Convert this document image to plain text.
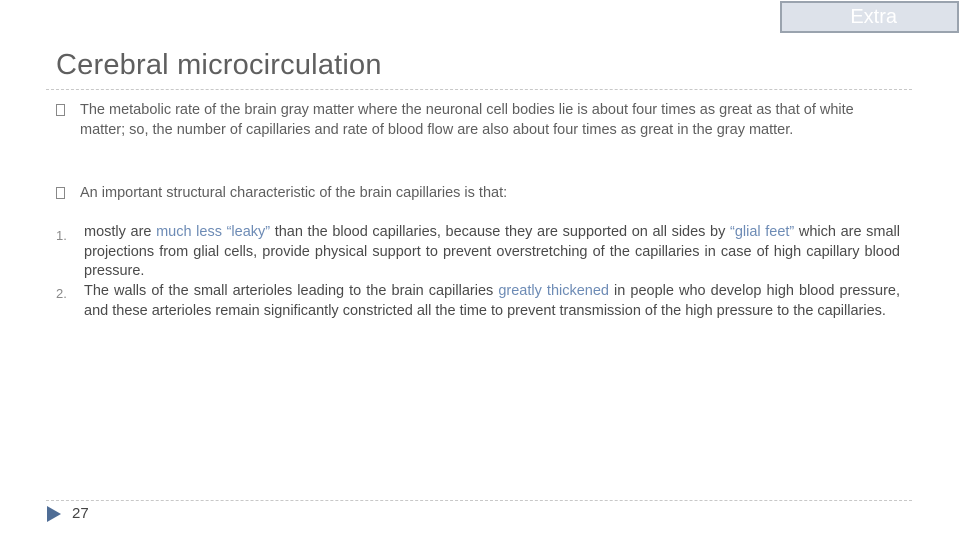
Extra
Cerebral microcirculation
The metabolic rate of the brain gray matter where the neuronal cell bodies lie is about four times as great as that of white matter; so, the number of capillaries and rate of blood flow are also about four times as great in the gray matter.
An important structural characteristic of the brain capillaries is that:
1. mostly are much less “leaky” than the blood capillaries, because they are supported on all sides by “glial feet” which are small projections from glial cells, provide physical support to prevent overstretching of the capillaries in case of high capillary blood pressure.
2. The walls of the small arterioles leading to the brain capillaries greatly thickened in people who develop high blood pressure, and these arterioles remain significantly constricted all the time to prevent transmission of the high pressure to the capillaries.
27
